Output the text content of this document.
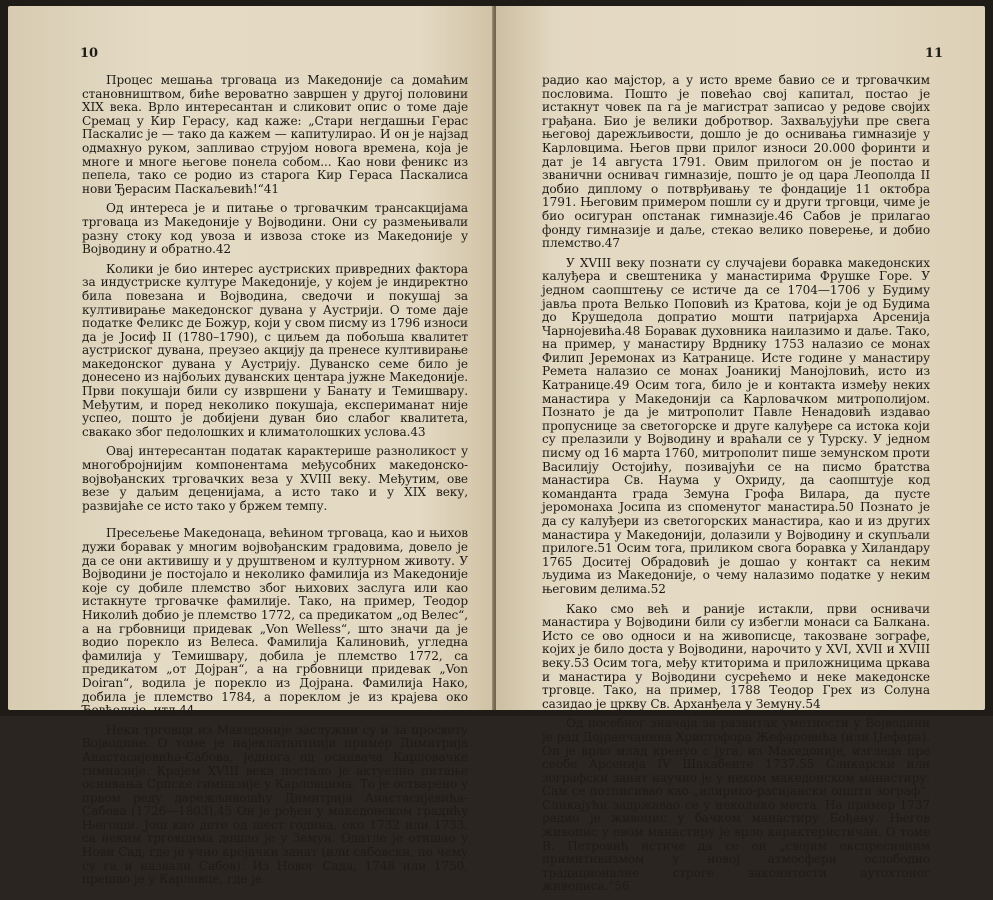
10

Процес мешања трговаца из Македоније са домаћим становништвом, биће вероватно завршен у другој половини XIX века. Врло интересантан и сликовит опис о томе даје Сремац у Кир Герасу, кад каже: „Стари негдашњи Герас Паскалис је — тако да кажем — капитулирао. И он је најзад одмахнуо руком, запливао струјом новога времена, која је многе и многе његове понела собом... Као нови феникс из пепела, тако се родио из старога Кир Гераса Паскалиса нови Ђерасим Паскаљевић!“41

Од интереса је и питање о трговачким трансакцијама трговаца из Македоније у Војводини. Они су размењивали разну стоку код увоза и извоза стоке из Македоније у Војводину и обратно.42

Колики је био интерес аустриских привредних фактора за индустриске културе Македоније, у којем је индиректно била повезана и Војводина, сведочи и покушај за култивирање македонског дувана у Аустрији. О томе даје податке Феликс де Божур, који у свом писму из 1796 износи да је Јосиф II (1780–1790), с циљем да побољша квалитет аустриског дувана, преузео акцију да пренесе култивирање македонског дувана у Аустрију. Дуванско семе било је донесено из најбољих дуванских центара јужне Македоније. Први покушаји били су извршени у Банату и Темишвару. Међутим, и поред неколико покушаја, експериманат није успео, пошто је добијени дуван био слабог квалитета, свакако због педолошких и климатолошких услова.43

Овај интересантан податак карактерише разноликост у многобројнијим компонентама међусобних македонско-војвођанских трговачких веза у XVIII веку. Међутим, ове везе у даљим деценијама, а исто тако и у XIX веку, развијaће се исто тако у бржем темпу.

Пресељење Македонаца, већином трговаца, као и њихов дужи боравак у многим војвођанским градовима, довело је да се они активишу и у друштвеном и културном животу. У Војводини је постојало и неколико фамилија из Македоније које су добиле племство због њихових заслуга или као истакнуте трговачке фамилије. Тако, на пример, Теодор Николић добио је племство 1772, са предикатом „од Велес“, а на грбовници придевак „Von Welless“, што значи да је водио порекло из Велеса. Фамилија Калиновић, угледна фамилија у Темишвару, добила је племство 1772, са предикатом „от Дојран“, а на грбовници придевак „Von Doiran“, водила је порекло из Дојрана. Фамилија Нако, добила је племство 1784, а пореклом је из краjева око Ђевђелије, итд.44

Неки трговци из Македоније заслужни су и за просвету Војводине. О томе је најеклатантнији пример Димитрија Анастасијевића-Сабова, једнога од оснивача Карловачке гимназије. Крајем XVIII века постало је актуелно питање оснивања Српске гимназије у Карловцима. То је остварено у првом реду дарежљивошћу Димитрија Анастасијевића-Сабова (1726—1803).45 Он је рођен у македонском градићу Његоши. Још као дете од шест година, око 1732 или 1733, са неким трговцима дошао је у Земун. Одатле је отишао у Нови Сад, где је учио кројачки занат (или сабовски, по чему су га и назвали Сабов). Из Новог Сада, 1748 или 1750, прешао је у Карловце, где је

11

радио као мајстор, а у исто време бавио се и трговачким пословима. Пошто је повећао свој капитал, постао је истакнут човек па га је магистрат записао у редове својих грађана. Био је велики добротвор. Захваљујући пре свега његовој дарежљивости, дошло је до оснивања гимназије у Карловцима. Његов први прилог износи 20.000 форинти и дат је 14 августа 1791. Овим прилогом он је постао и званични оснивач гимназије, пошто је од цара Леополда II добио диплому о потврђивању те фондације 11 октобра 1791. Његовим примером пошли су и други трговци, чиме је био осигуран опстанак гимназије.46 Сабов је прилагао фонду гимназије и даље, стекао велико поверење, и добио племство.47

У XVIII веку познати су случајеви боравка македонских калуђера и свештеника у манастирима Фрушке Горе. У једном саопштењу се истиче да се 1704—1706 у Будиму јавља прота Велько Поповић из Кратова, који је од Будима до Крушедола допратио мошти патријарха Арсенија Чарнојевића.48 Боравак духовника наилазимо и даље. Тако, на пример, у манастиру Врднику 1753 налазио се монах Филип Јеремонах из Катранице. Исте године у манастиру Ремета налазио се монах Јоаникиј Манојловић, исто из Катранице.49 Осим тога, било је и контакта између неких манастира у Македонији са Карловачком митрополијом. Познато је да је митрополит Павле Ненадовић издавао пропуснице за светогорске и друге калуђере са истока који су прелазили у Војводину и враћали се у Турску. У једном писму од 16 марта 1760, митрополит пише земунском проти Василију Остојићу, позивајући се на писмо братства манастира Св. Наума у Охриду, да саопштује код команданта града Земуна Грофа Вилара, да пусте јеромонаха Јосипа из споменутог манастира.50 Познато је да су калуђери из светогорских манастира, као и из других манастира у Македонији, долазили у Војводину и скупљали прилоге.51 Осим тога, приликом свога боравка у Хиландару 1765 Доситеј Обрадовић је дошао у контакт са неким људима из Македоније, о чему налазимо податке у неким његовим делима.52

Како смо већ и раније истакли, први оснивачи манастира у Војводини били су избегли монаси са Балкана. Исто се ово односи и на живописце, такозване зографе, којих је било доста у Војводини, нарочито у XVI, XVII и XVIII веку.53 Осим тога, међу ктиторима и приложницима цркава и манастира у Војводини сусрећемо и неке македонске трговце. Тако, на пример, 1788 Теодор Грех из Солуна сазидао је цркву Св. Арханђела у Земуну.54

Од посебног значаја за развитак уметности у Војводини је рад Дојранчанина Христофора Жефаровића (или Џефара). Он је врло млад кренуо с југа, из Македоније, изгледа пре сеобе Арсенија IV Шакабенте 1737.55 Сликарски или зографски занат научио је у неком македонском манастиру. Сам се потписивао као „илирико-расијански општи зограф“. Сликајући задржавао се у неколико места. На пример 1737 радио је живопис у бачком манастиру Бођану. Његов живопис у овом манастиру је врло карактеристичан. О томе В. Петровић истиче да се он „својим експресивним примитивизмом у новој атмосфери ослободио традиционалне строге законитости аутохтоног живописа.“56
